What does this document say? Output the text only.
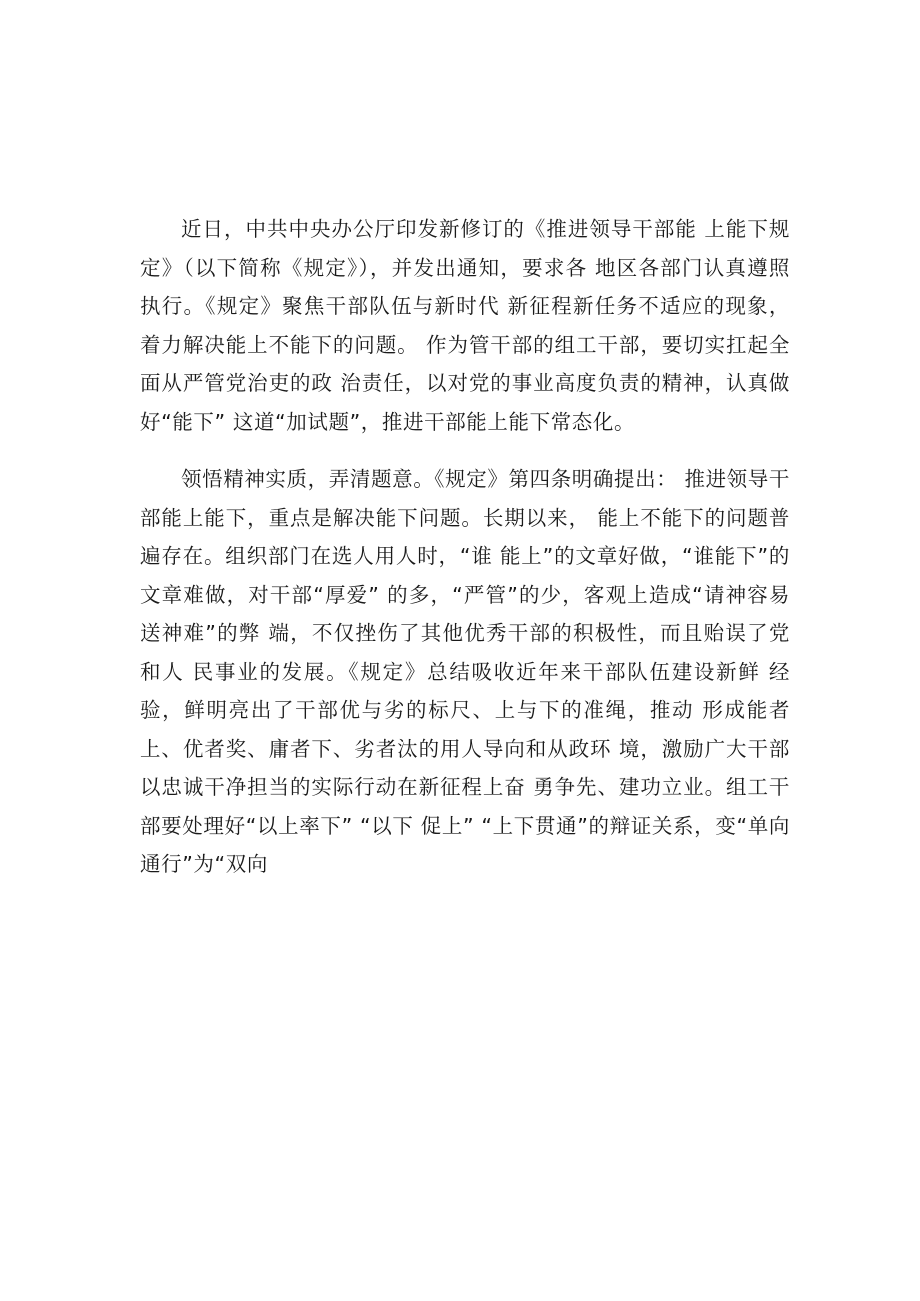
近日，中共中央办公厅印发新修订的《推进领导干部能 上能下规定》（以下简称《规定》），并发出通知，要求各 地区各部门认真遵照执行。《规定》聚焦干部队伍与新时代 新征程新任务不适应的现象，着力解决能上不能下的问题。 作为管干部的组工干部，要切实扛起全面从严管党治吏的政 治责任，以对党的事业高度负责的精神，认真做好“能下” 这道“加试题”，推进干部能上能下常态化。

领悟精神实质，弄清题意。《规定》第四条明确提出： 推进领导干部能上能下，重点是解决能下问题。长期以来， 能上不能下的问题普遍存在。组织部门在选人用人时，“谁 能上”的文章好做，“谁能下”的文章难做，对干部“厚爱” 的多，“严管”的少，客观上造成“请神容易送神难”的弊 端，不仅挫伤了其他优秀干部的积极性，而且贻误了党和人 民事业的发展。《规定》总结吸收近年来干部队伍建设新鲜 经验，鲜明亮出了干部优与劣的标尺、上与下的准绳，推动 形成能者上、优者奖、庸者下、劣者汰的用人导向和从政环 境，激励广大干部以忠诚干净担当的实际行动在新征程上奋 勇争先、建功立业。组工干部要处理好“以上率下” “以下 促上” “上下贯通”的辩证关系，变“单向通行”为“双向
